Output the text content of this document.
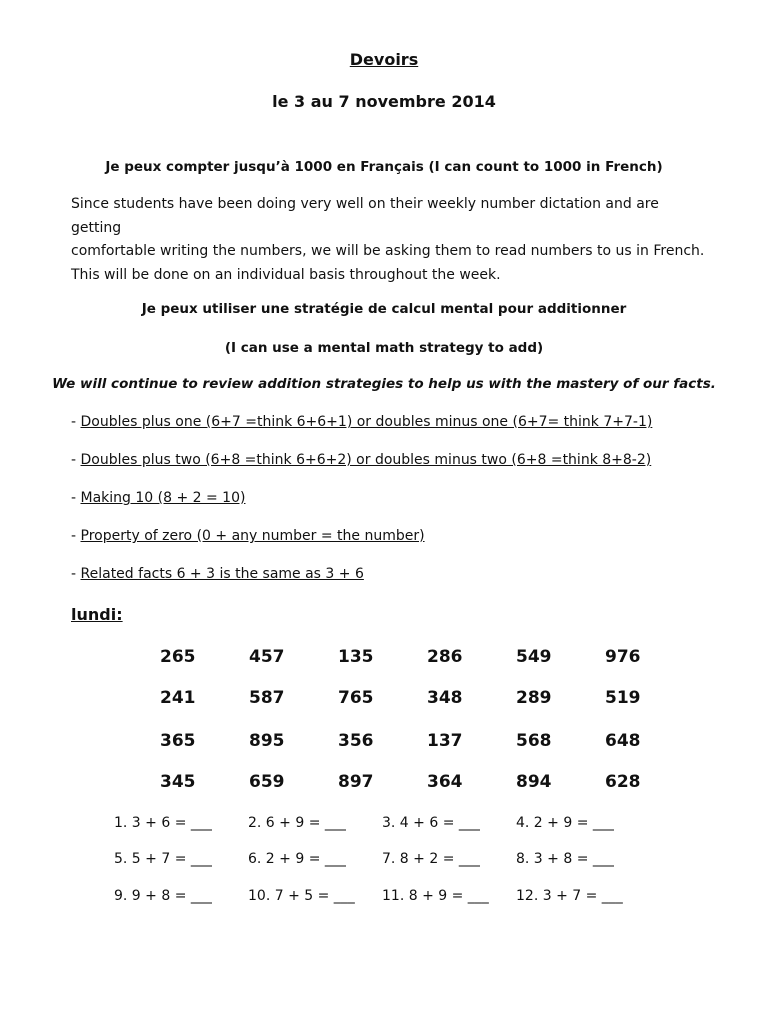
Devoirs
le 3 au 7 novembre 2014
Je peux compter jusqu’à 1000 en Français (I can count to 1000 in French)
Since students have been doing very well on their weekly number dictation and are getting
comfortable writing the numbers, we will be asking them to read numbers to us in French.
This will be done on an individual basis throughout the week.
Je peux utiliser une stratégie de calcul mental pour additionner
(I can use a mental math strategy to add)
We will continue to review addition strategies to help us with the mastery of our facts.
- Doubles plus one (6+7 =think 6+6+1) or doubles minus one (6+7= think 7+7-1)
- Doubles plus two (6+8 =think 6+6+2) or doubles minus two (6+8 =think 8+8-2)
- Making 10 (8 + 2 = 10)
- Property of zero (0 + any number = the number)
- Related facts 6 + 3 is the same as 3 + 6
lundi:
265	457	135	286	549	976
241	587	765	348	289	519
365	895	356	137	568	648
345	659	897	364	894	628
1. 3 + 6 = ___	2. 6 + 9 = ___	3. 4 + 6 = ___	4. 2 + 9 = ___
5. 5 + 7 = ___	6. 2 + 9 = ___	7. 8 + 2 = ___	8. 3 + 8 = ___
9. 9 + 8 = ___	10. 7 + 5 = ___ 11. 8 + 9 = ___ 12. 3 + 7 = ___
